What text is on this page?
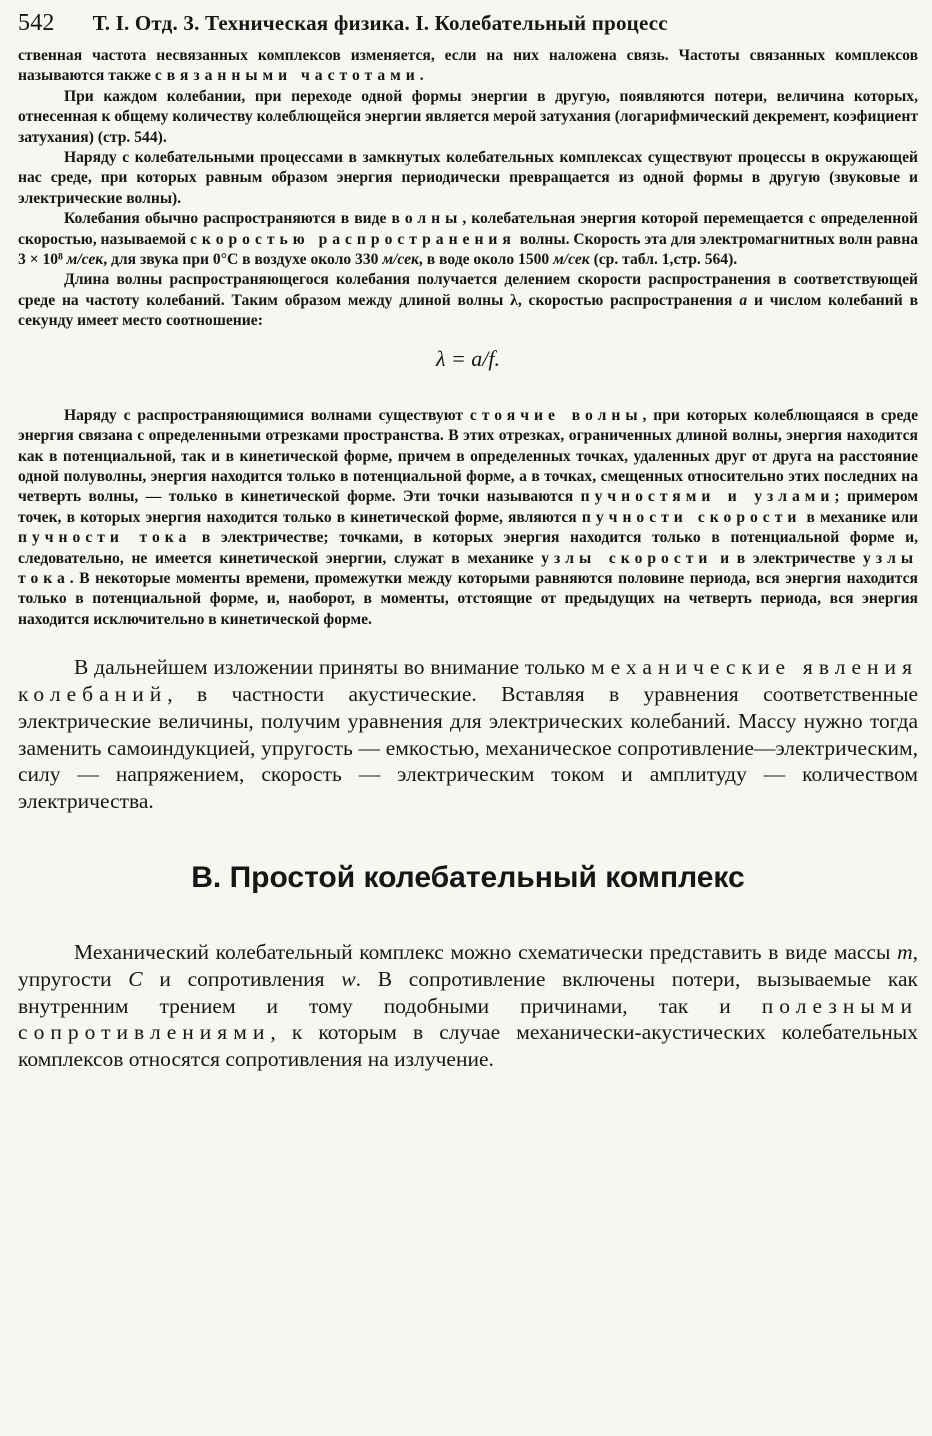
542 Т. I. Отд. 3. Техническая физика. I. Колебательный процесс

ственная частота несвязанных комплексов изменяется, если на них наложена связь. Частоты связанных комплексов называются также связанными частотами.

При каждом колебании, при переходе одной формы энергии в другую, появляются потери, величина которых, отнесенная к общему количеству колеблющейся энергии является мерой затухания (логарифмический декремент, коэфициент затухания) (стр. 544).

Наряду с колебательными процессами в замкнутых колебательных комплексах существуют процессы в окружающей нас среде, при которых равным образом энергия периодически превращается из одной формы в другую (звуковые и электрические волны).

Колебания обычно распространяются в виде волны, колебательная энергия которой перемещается с определенной скоростью, называемой скоростью распространения волны. Скорость эта для электромагнитных волн равна 3 × 10⁸ м/сек, для звука при 0°C в воздухе около 330 м/сек, в воде около 1500 м/сек (ср. табл. 1,стр. 564).

Длина волны распространяющегося колебания получается делением скорости распространения в соответствующей среде на частоту колебаний. Таким образом между длиной волны λ, скоростью распространения a и числом колебаний в секунду имеет место соотношение:

λ = a/f.

Наряду с распространяющимися волнами существуют стоячие волны, при которых колеблющаяся в среде энергия связана с определенными отрезками пространства. В этих отрезках, ограниченных длиной волны, энергия находится как в потенциальной, так и в кинетической форме, причем в определенных точках, удаленных друг от друга на расстояние одной полуволны, энергия находится только в потенциальной форме, а в точках, смещенных относительно этих последних на четверть волны, — только в кинетической форме. Эти точки называются пучностями и узлами; примером точек, в которых энергия находится только в кинетической форме, являются пучности скорости в механике или пучности тока в электричестве; точками, в которых энергия находится только в потенциальной форме и, следовательно, не имеется кинетической энергии, служат в механике узлы скорости и в электричестве узлы тока. В некоторые моменты времени, промежутки между которыми равняются половине периода, вся энергия находится только в потенциальной форме, и, наоборот, в моменты, отстоящие от предыдущих на четверть периода, вся энергия находится исключительно в кинетической форме.

В дальнейшем изложении приняты во внимание только механические явления колебаний, в частности акустические. Вставляя в уравнения соответственные электрические величины, получим уравнения для электрических колебаний. Массу нужно тогда заменить самоиндукцией, упругость — емкостью, механическое сопротивление—электрическим, силу — напряжением, скорость — электрическим током и амплитуду — количеством электричества.

B. Простой колебательный комплекс

Механический колебательный комплекс можно схематически представить в виде массы m, упругости C и сопротивления w. В сопротивление включены потери, вызываемые как внутренним трением и тому подобными причинами, так и полезными сопротивлениями, к которым в случае механически-акустических колебательных комплексов относятся сопротивления на излучение.
